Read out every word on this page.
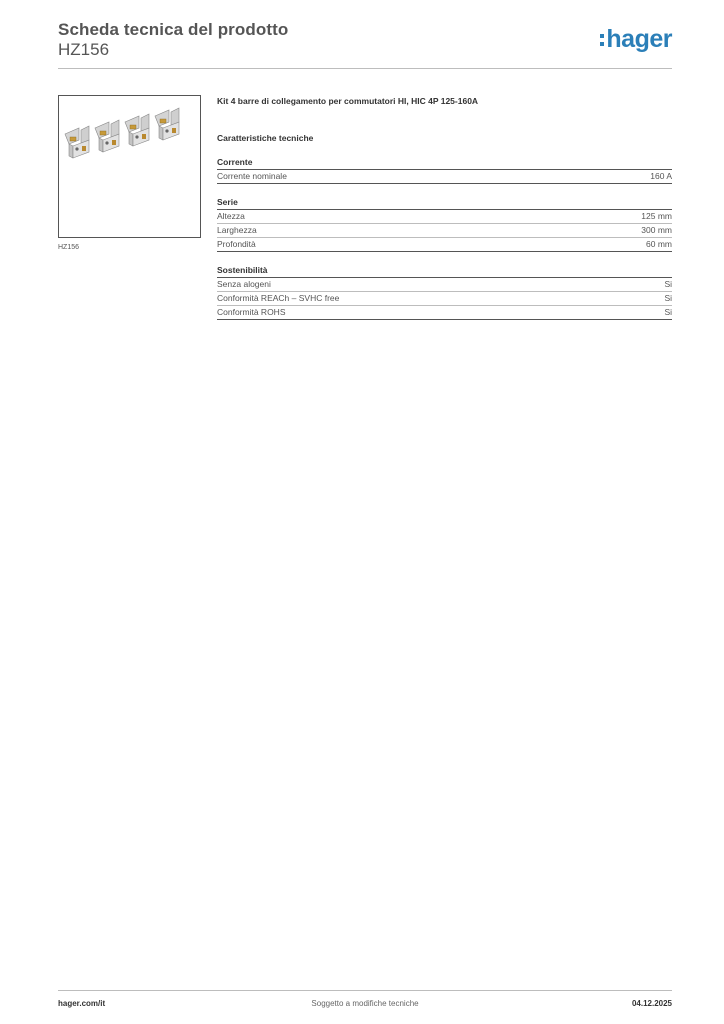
Scheda tecnica del prodotto
HZ156	hager
HZ156
Kit 4 barre di collegamento per commutatori HI, HIC 4P 125-160A
Caratteristiche tecniche
Corrente
Corrente nominale	160 A
Serie
Altezza	125 mm
Larghezza	300 mm
Profondità	60 mm
Sostenibilità
Senza alogeni	Si
Conformità REACh – SVHC free	Si
Conformità ROHS	Si
hager.com/it	Soggetto a modifiche tecniche	04.12.2025
